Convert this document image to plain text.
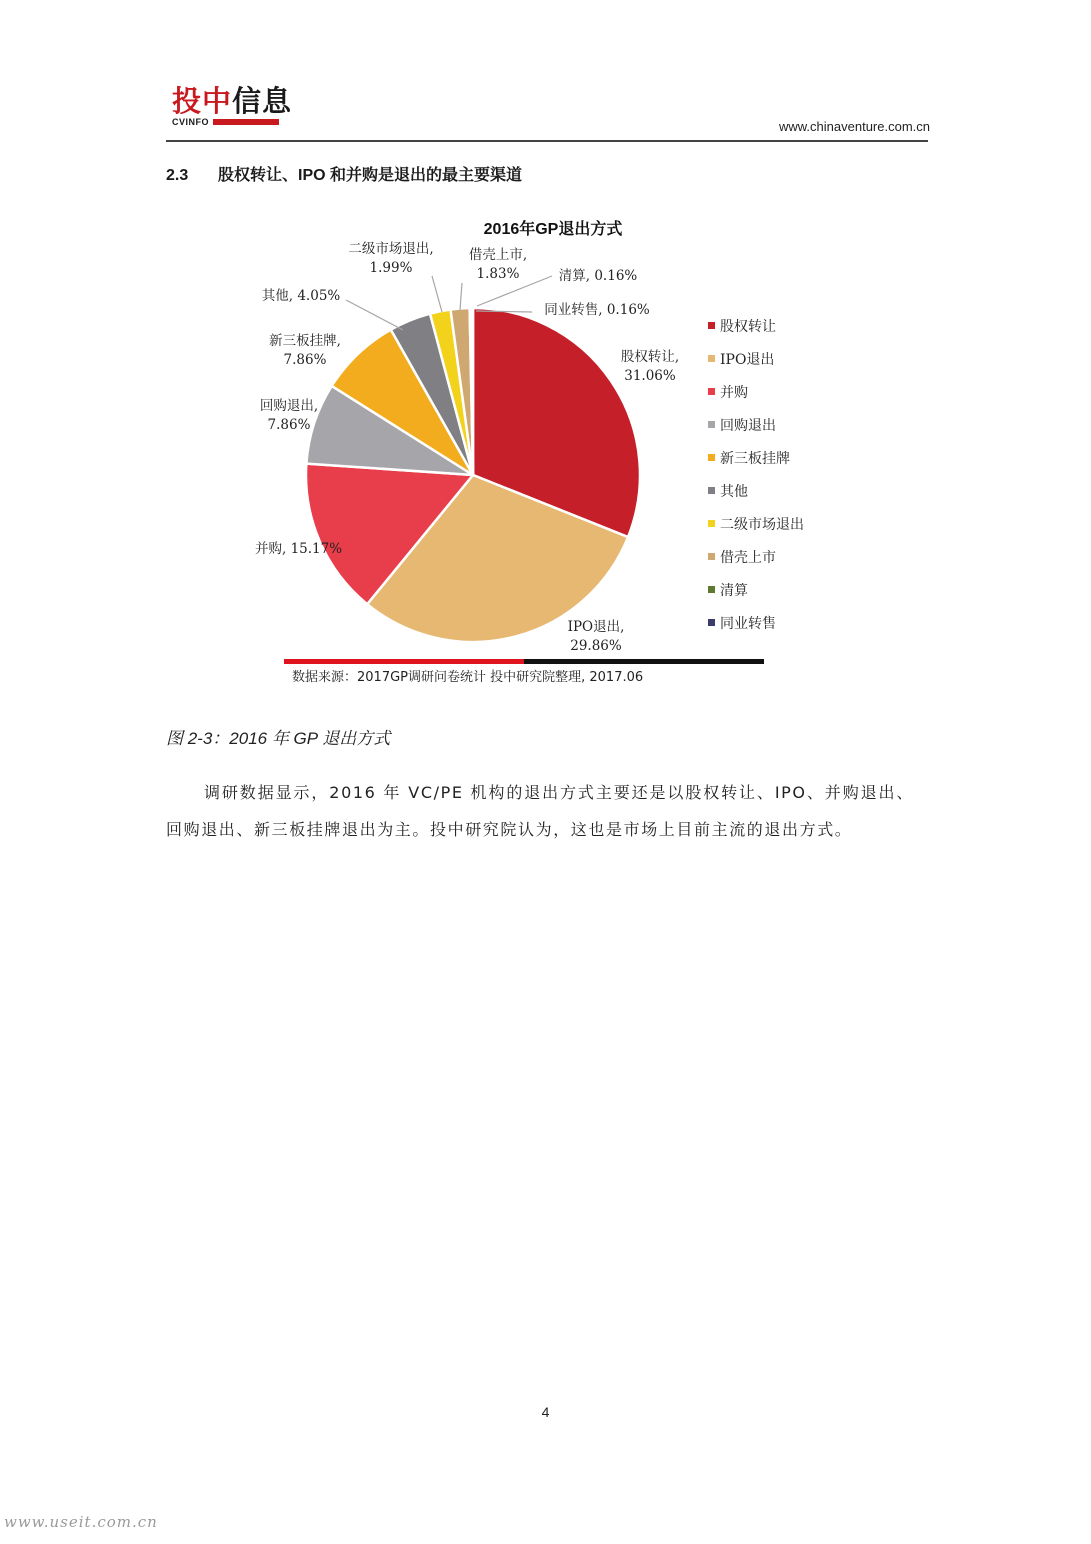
投中信息
CVINFO	www.chinaventure.com.cn
2.3 股权转让、IPO 和并购是退出的最主要渠道
2016年GP退出方式
股权转让, 31.06%
IPO退出, 29.86%
并购, 15.17%
回购退出, 7.86%
新三板挂牌, 7.86%
其他, 4.05%
二级市场退出, 1.99%
借壳上市, 1.83%	清算, 0.16%
同业转售, 0.16%
股权转让
IPO退出
并购
回购退出
新三板挂牌
其他
二级市场退出
借壳上市
清算
同业转售
数据来源：2017GP调研问卷统计 投中研究院整理, 2017.06
图 2-3：2016 年 GP 退出方式
调研数据显示，2016 年 VC/PE 机构的退出方式主要还是以股权转让、IPO、并购退出、回购退出、新三板挂牌退出为主。投中研究院认为，这也是市场上目前主流的退出方式。
4
www.useit.com.cn
